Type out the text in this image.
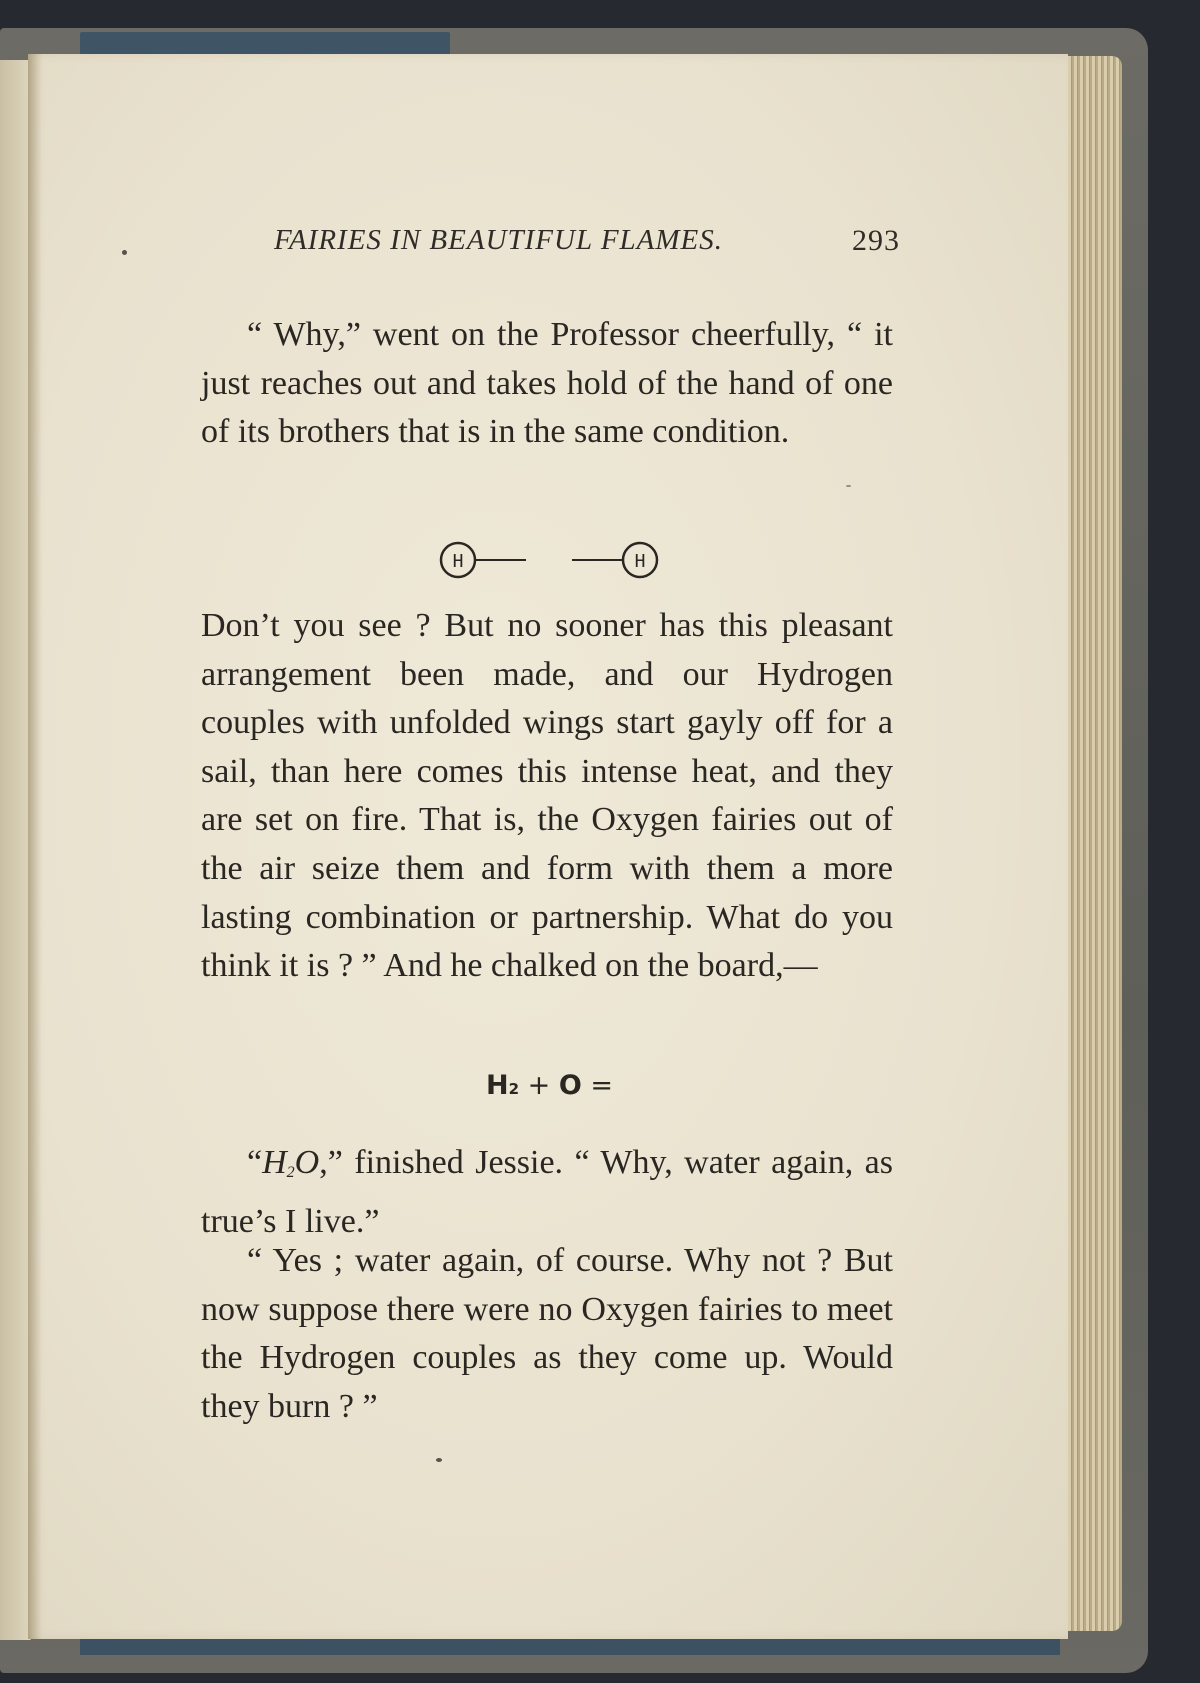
FAIRIES IN BEAUTIFUL FLAMES.	293

“ Why,” went on the Professor cheerfully, “ it just reaches out and takes hold of the hand of one of its brothers that is in the same condition.

H	H

Don’t you see ? But no sooner has this pleasant arrangement been made, and our Hydrogen couples with unfolded wings start gayly off for a sail, than here comes this intense heat, and they are set on fire. That is, the Oxygen fairies out of the air seize them and form with them a more lasting combination or partnership. What do you think it is ? ” And he chalked on the board,—

H2 + O =

“H2O,” finished Jessie. “ Why, water again, as true’s I live.”

“ Yes ; water again, of course. Why not ? But now suppose there were no Oxygen fairies to meet the Hydrogen couples as they come up. Would they burn ? ”
